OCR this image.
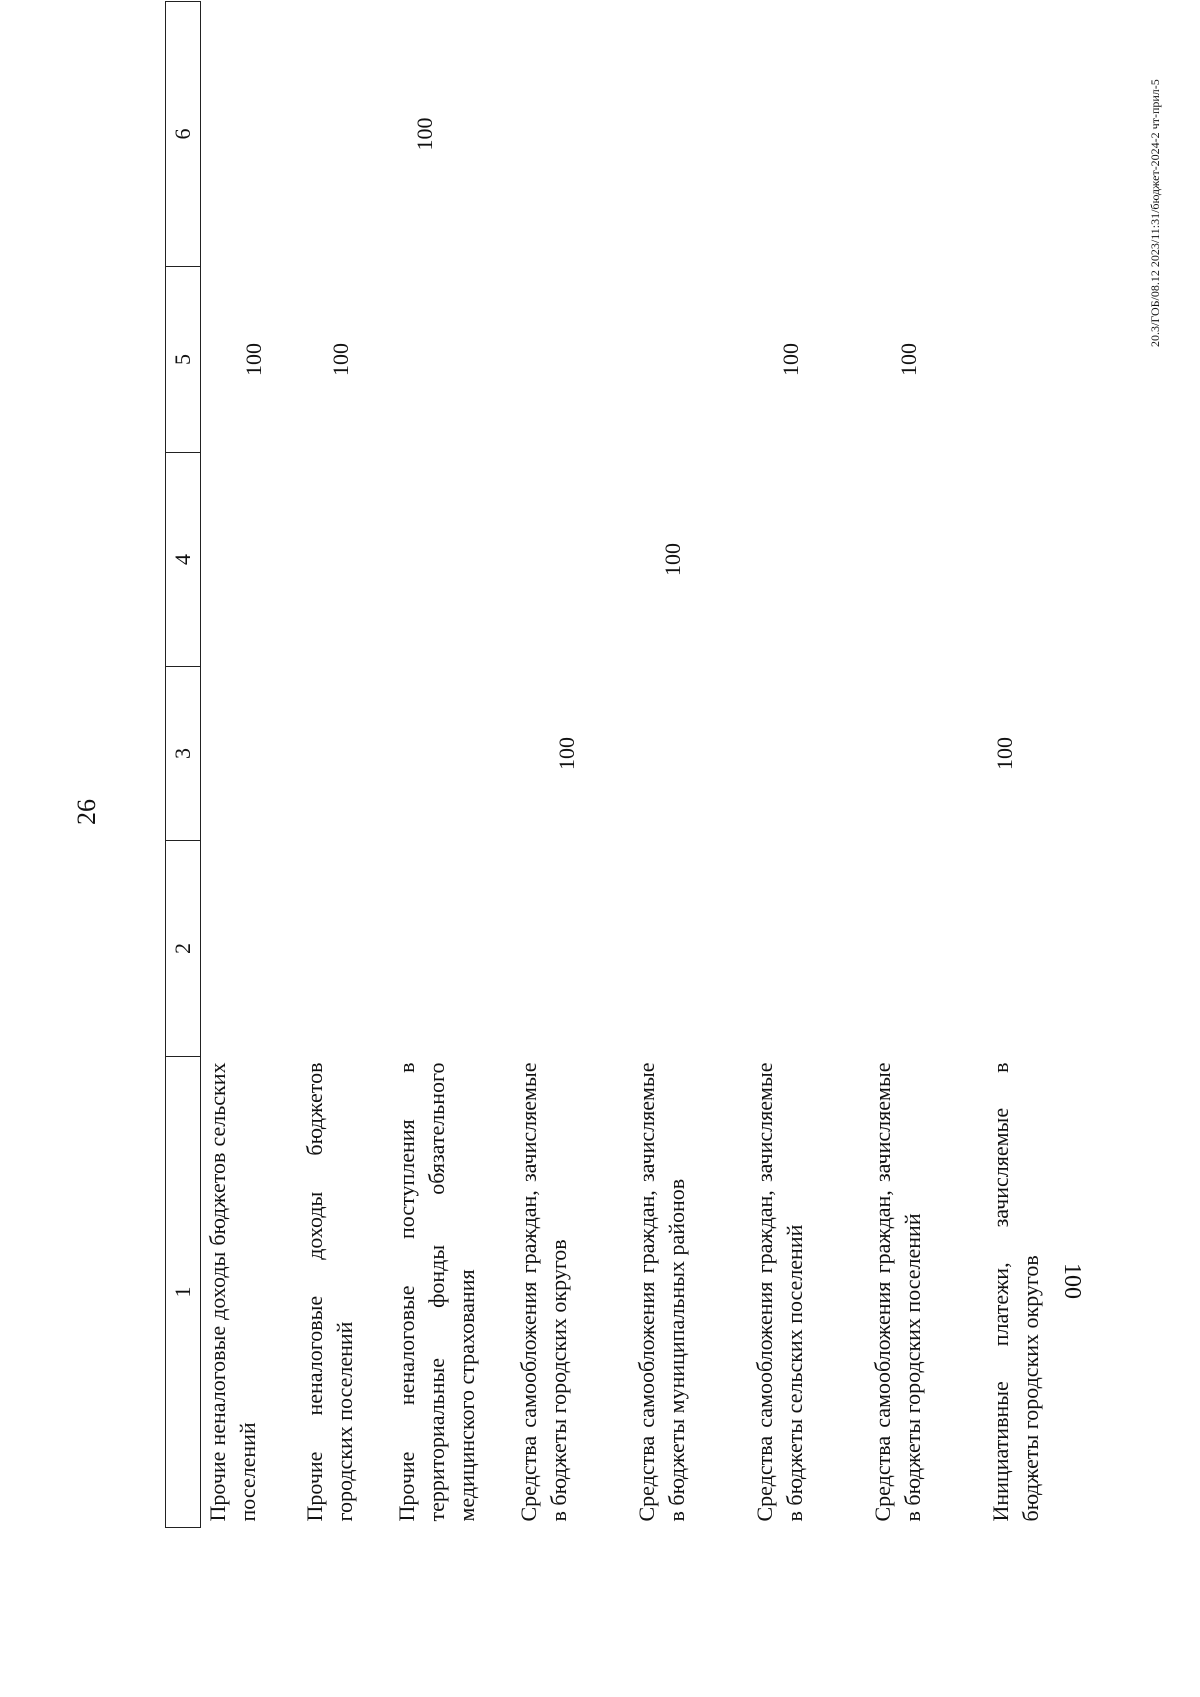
26
1	2	3	4	5	6
Прочие неналоговые доходы бюджетов сельских поселений				100	
Прочие неналоговые доходы бюджетов городских поселений				100	
Прочие неналоговые поступления в территориальные фонды обязательного медицинского страхования					100
Средства самообложения граждан, зачисляемые в бюджеты городских округов		100			
Средства самообложения граждан, зачисляемые в бюджеты муниципальных районов			100		
Средства самообложения граждан, зачисляемые в бюджеты сельских поселений				100	
Средства самообложения граждан, зачисляемые в бюджеты городских поселений				100	
Инициативные платежи, зачисляемые в бюджеты городских округов		100			
20.3/ГОБ/08.12 2023/11:31/бюджет-2024-2 чт-прил-5
100
